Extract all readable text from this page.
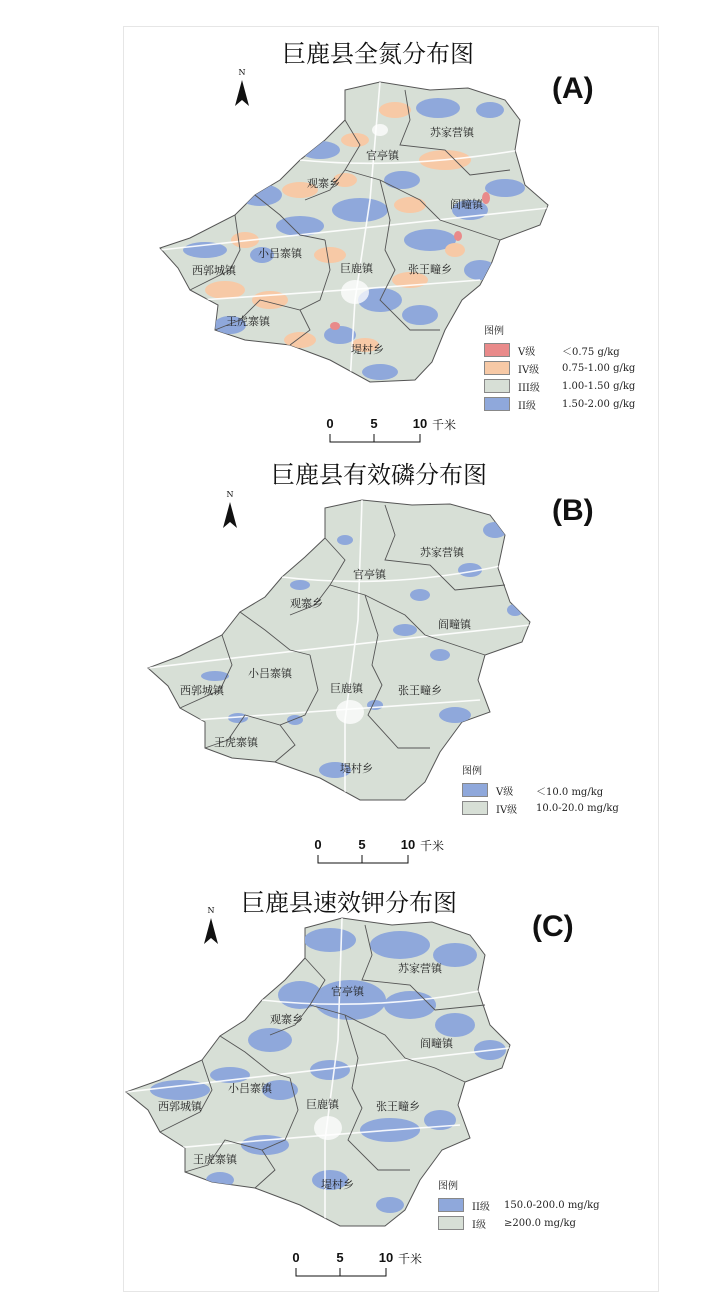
巨鹿县全氮分布图
(A)
N
苏家营镇
官亭镇
观寨乡
阎疃镇
小吕寨镇
西郭城镇	巨鹿镇	张王疃乡
王虎寨镇
堤村乡
图例
V级	＜0.75 g/kg
IV级	0.75-1.00 g/kg
III级	1.00-1.50 g/kg
II级	1.50-2.00 g/kg
0	5	10 千米
巨鹿县有效磷分布图
(B)
N
苏家营镇
官亭镇
观寨乡
阎疃镇
小吕寨镇
西郭城镇	巨鹿镇	张王疃乡
王虎寨镇
堤村乡	图例
V级	＜10.0 mg/kg
IV级	10.0-20.0 mg/kg
0	5	10 千米
巨鹿县速效钾分布图
(C)
N
苏家营镇
官亭镇
观寨乡
阎疃镇
小吕寨镇
西郭城镇	巨鹿镇	张王疃乡
王虎寨镇
堤村乡	图例
II级	150.0-200.0 mg/kg
I级	≥200.0 mg/kg
0	5	10 千米
